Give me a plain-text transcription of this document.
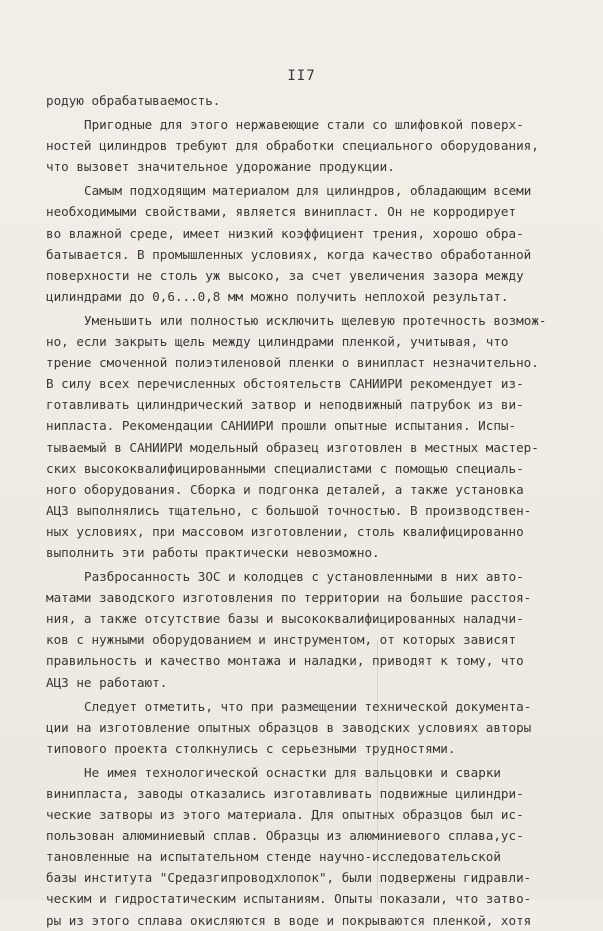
II7
родую обрабатываемость.
Пригодные для этого нержавеющие стали со шлифовкой поверх-
ностей цилиндров требуют для обработки специального оборудования,
что вызовет значительное удорожание продукции.
Самым подходящим материалом для цилиндров, обладающим всеми
необходимыми свойствами, является винипласт. Он не корродирует
во влажной среде, имеет низкий коэффициент трения, хорошо обра-
батывается. В промышленных условиях, когда качество обработанной
поверхности не столь уж высоко, за счет увеличения зазора между
цилиндрами до 0,6...0,8 мм можно получить неплохой результат.
Уменьшить или полностью исключить щелевую протечность возмож-
но, если закрыть щель между цилиндрами пленкой, учитывая, что
трение смоченной полиэтиленовой пленки о винипласт незначительно.
В силу всех перечисленных обстоятельств САНИИРИ рекомендует из-
готавливать цилиндрический затвор и неподвижный патрубок из ви-
нипласта. Рекомендации САНИИРИ прошли опытные испытания. Испы-
тываемый в САНИИРИ модельный образец изготовлен в местных мастер-
ских высококвалифицированными специалистами с помощью специаль-
ного оборудования. Сборка и подгонка деталей, а также установка
АЦЗ выполнялись тщательно, с большой точностью. В производствен-
ных условиях, при массовом изготовлении, столь квалифицированно
выполнить эти работы практически невозможно.
Разбросанность ЗОС и колодцев с установленными в них авто-
матами заводского изготовления по территории на большие расстоя-
ния, а также отсутствие базы и высококвалифицированных наладчи-
ков с нужными оборудованием и инструментом, от которых зависят
правильность и качество монтажа и наладки, приводят к тому, что
АЦЗ не работают.
Следует отметить, что при размещении технической документа-
ции на изготовление опытных образцов в заводских условиях авторы
типового проекта столкнулись с серьезными трудностями.
Не имея технологической оснастки для вальцовки и сварки
винипласта, заводы отказались изготавливать подвижные цилиндри-
ческие затворы из этого материала. Для опытных образцов был ис-
пользован алюминиевый сплав. Образцы из алюминиевого сплава,ус-
тановленные на испытательном стенде научно-исследовательской
базы института "Средазгипроводхлопок", были подвержены гидравли-
ческим и гидростатическим испытаниям. Опыты показали, что затво-
ры из этого сплава окисляются в воде и покрываются пленкой, хотя
